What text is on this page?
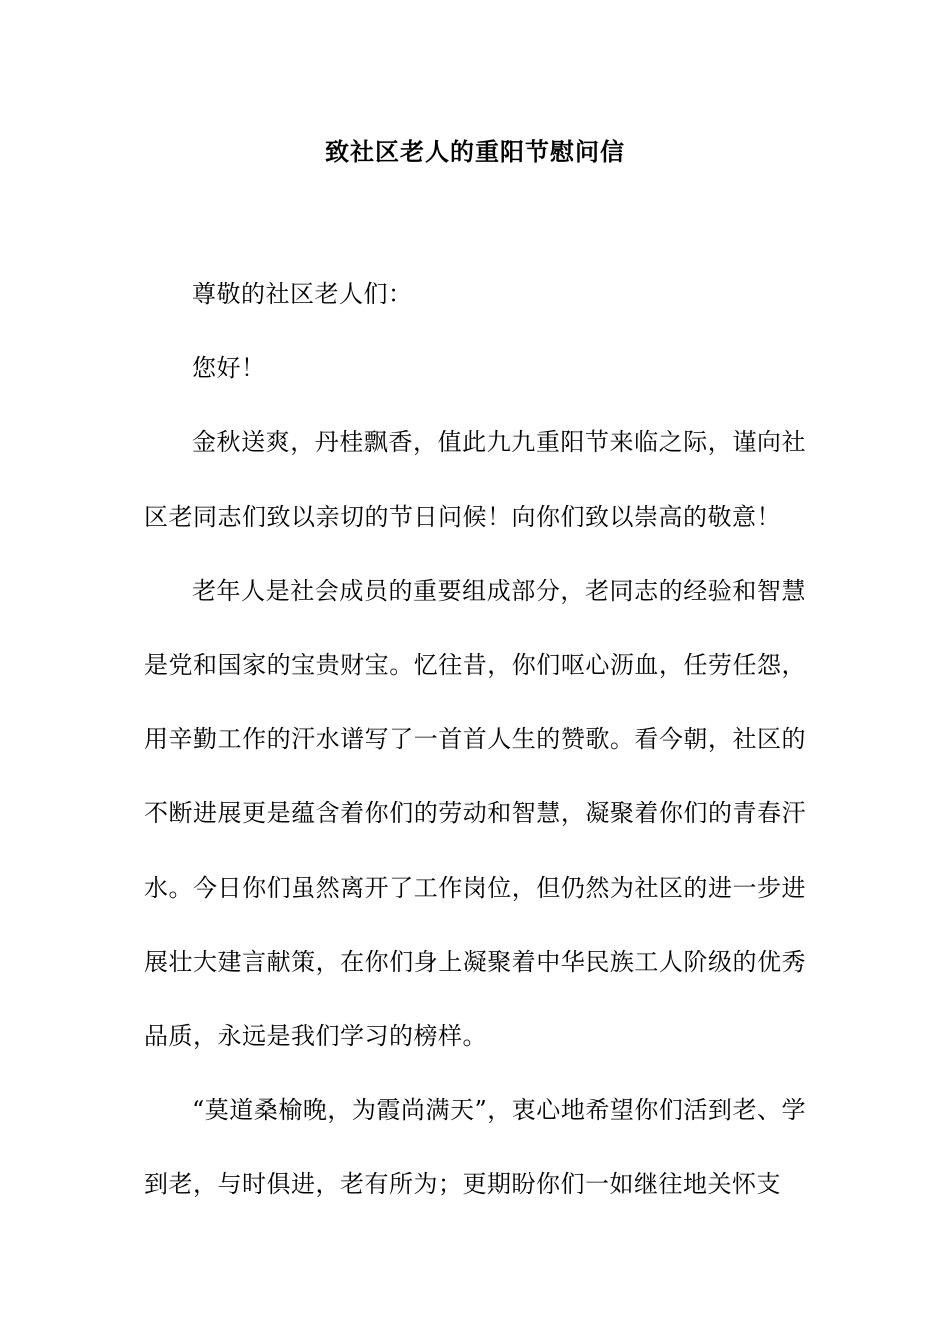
致社区老人的重阳节慰问信

尊敬的社区老人们：

您好！

金秋送爽，丹桂飘香，值此九九重阳节来临之际，谨向社区老同志们致以亲切的节日问候！向你们致以崇高的敬意！

老年人是社会成员的重要组成部分，老同志的经验和智慧是党和国家的宝贵财宝。忆往昔，你们呕心沥血，任劳任怨，用辛勤工作的汗水谱写了一首首人生的赞歌。看今朝，社区的不断进展更是蕴含着你们的劳动和智慧，凝聚着你们的青春汗水。今日你们虽然离开了工作岗位，但仍然为社区的进一步进展壮大建言献策，在你们身上凝聚着中华民族工人阶级的优秀品质，永远是我们学习的榜样。

“莫道桑榆晚，为霞尚满天”，衷心地希望你们活到老、学到老，与时俱进，老有所为；更期盼你们一如继往地关怀支
